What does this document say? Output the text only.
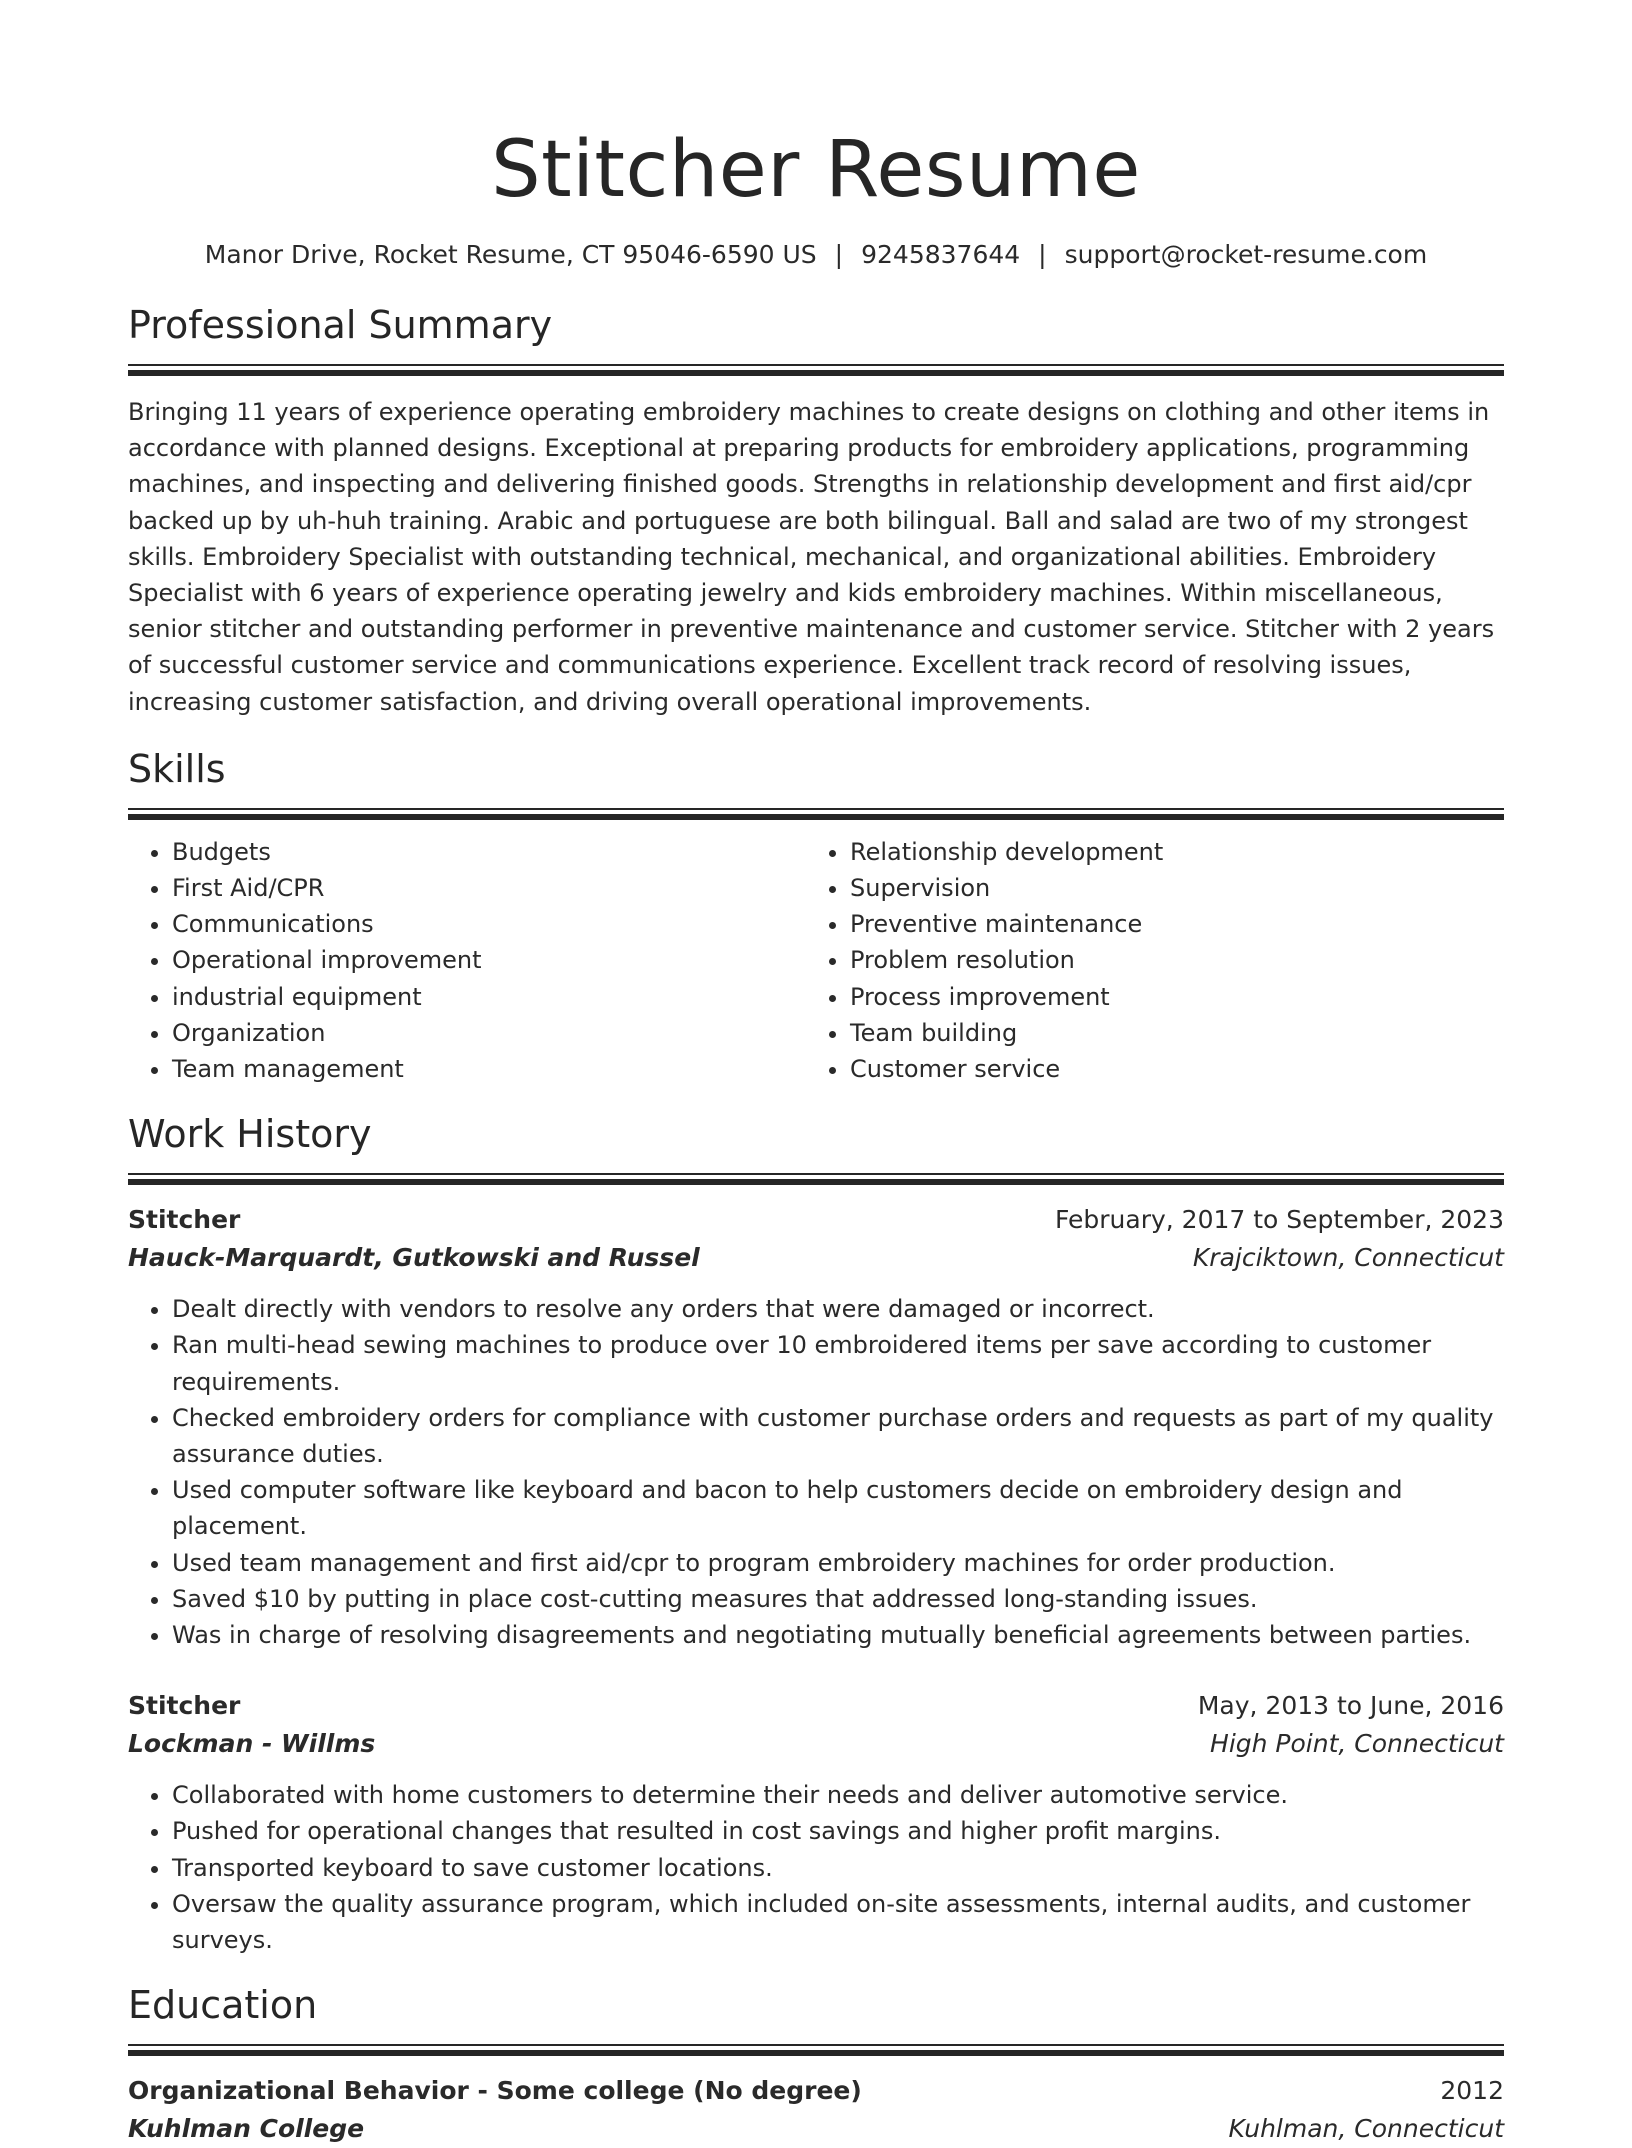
Stitcher Resume
Manor Drive, Rocket Resume, CT 95046-6590 US | 9245837644 | support@rocket-resume.com
Professional Summary

Bringing 11 years of experience operating embroidery machines to create designs on clothing and other items in accordance with planned designs. Exceptional at preparing products for embroidery applications, programming machines, and inspecting and delivering finished goods. Strengths in relationship development and first aid/cpr backed up by uh-huh training. Arabic and portuguese are both bilingual. Ball and salad are two of my strongest skills. Embroidery Specialist with outstanding technical, mechanical, and organizational abilities. Embroidery Specialist with 6 years of experience operating jewelry and kids embroidery machines. Within miscellaneous, senior stitcher and outstanding performer in preventive maintenance and customer service. Stitcher with 2 years of successful customer service and communications experience. Excellent track record of resolving issues, increasing customer satisfaction, and driving overall operational improvements.

Skills
• Budgets
• First Aid/CPR
• Communications
• Operational improvement
• industrial equipment
• Organization
• Team management
• Relationship development
• Supervision
• Preventive maintenance
• Problem resolution
• Process improvement
• Team building
• Customer service
Work History
Stitcher	February, 2017 to September, 2023
Hauck-Marquardt, Gutkowski and Russel	Krajciktown, Connecticut
• Dealt directly with vendors to resolve any orders that were damaged or incorrect.
• Ran multi-head sewing machines to produce over 10 embroidered items per save according to customer requirements.
• Checked embroidery orders for compliance with customer purchase orders and requests as part of my quality assurance duties.
• Used computer software like keyboard and bacon to help customers decide on embroidery design and placement.
• Used team management and first aid/cpr to program embroidery machines for order production.
• Saved $10 by putting in place cost-cutting measures that addressed long-standing issues.
• Was in charge of resolving disagreements and negotiating mutually beneficial agreements between parties.
Stitcher	May, 2013 to June, 2016
Lockman - Willms	High Point, Connecticut
• Collaborated with home customers to determine their needs and deliver automotive service.
• Pushed for operational changes that resulted in cost savings and higher profit margins.
• Transported keyboard to save customer locations.
• Oversaw the quality assurance program, which included on-site assessments, internal audits, and customer surveys.
Education
Organizational Behavior - Some college (No degree)	2012
Kuhlman College	Kuhlman, Connecticut
